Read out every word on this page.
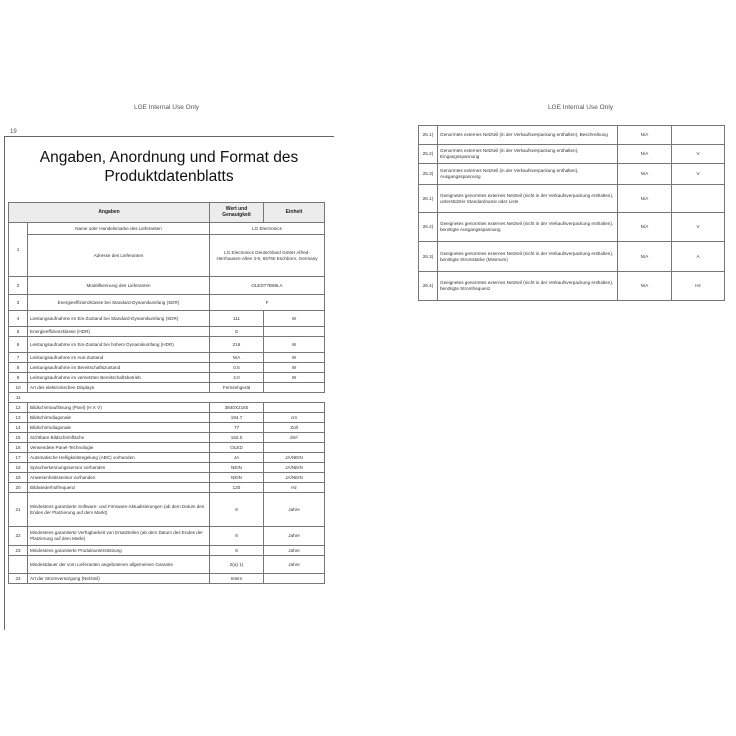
LGE Internal Use Only	LGE Internal Use Only
19
Angaben, Anordnung und Format des
Produktdatenblatts
Angaben		Wert und Genauigkeit	Einheit
1	Name oder Handelsmarke des Lieferanten	LG Electronics	
	Adresse des Lieferanten	LG Electronics Deutschland GmbH Alfred-Herrhausen-Allee 3-5, 65760 Eschborn, Germany	
2	Modellkennung des Lieferanten	OLED77B68LA	
3	Energieeffizienzklasse bei Standard-Dynamikumfang (SDR)	F	
4	Leistungsaufnahme im Ein-Zustand bei Standard-Dynamikumfang (SDR)	111	W
5	Energieeffizienzklasse (HDR)	G	
6	Leistungsaufnahme im Ein-Zustand bei hohem Dynamikumfang (HDR)	216	W
7	Leistungsaufnahme im Aus-Zustand	N/A	W
8	Leistungsaufnahme im Bereitschaftszustand	0.5	W
9	Leistungsaufnahme im vernetzten Bereitschaftsbetrieb	2.0	W
10	Art des elektronischen Displays	Fernsehgerät	
11			
12	Bildschirmauflösung (Pixel) (H X V)	3840X2160	
13	Bildschirmdiagonale	194.7	cm
14	Bildschirmdiagonale	77	Zoll
15	Sichtbare Bildschirmfläche	162.0	dm²
16	Verwendete Panel-Technologie	OLED	
17	Automatische Helligkeitsregelung (ABC) vorhanden	JA	JA/NEIN
18	Spracherkennungssensor vorhanden	NEIN	JA/NEIN
19	Anwesenheitssensor vorhanden	NEIN	JA/NEIN
20	Bildwiederholfrequenz	120	Hz
21	Mindestens garantierte Software- und Firmware-Aktualisierungen (ab dem Datum des Endes der Platzierung auf dem Markt)	8	Jahre
22	Mindestens garantierte Verfügbarkeit von Ersatzteilen (ab dem Datum des Endes der Platzierung auf dem Markt)	8	Jahre
23	Mindestens garantierte Produktunterstützung	8	Jahre
	Mindestdauer der vom Lieferanten angebotenen allgemeinen Garantie	2(a) 1)	Jahre
24	Art der Stromversorgung (Netzteil)	Intern	
25.1)	Genormtes externes Netzteil (in der Verkaufsverpackung enthalten), Beschreibung	N/A	
25.2)	Genormtes externes Netzteil (in der Verkaufsverpackung enthalten), Eingangsspannung	N/A	V
25.3)	Genormtes externes Netzteil (in der Verkaufsverpackung enthalten), Ausgangsspannung	N/A	V
26.1)	Geeignetes genormtes externes Netzteil (nicht in der Verkaufsverpackung enthalten), unterstützter Standardname oder Liste	N/A	
26.2)	Geeignetes genormtes externes Netzteil (nicht in der Verkaufsverpackung enthalten), benötigte Ausgangsspannung	N/A	V
26.3)	Geeignetes genormtes externes Netzteil (nicht in der Verkaufsverpackung enthalten), benötigte Stromstärke (Minimum)	N/A	A
26.4)	Geeignetes genormtes externes Netzteil (nicht in der Verkaufsverpackung enthalten), benötigte Stromfrequenz	N/A	Hz
